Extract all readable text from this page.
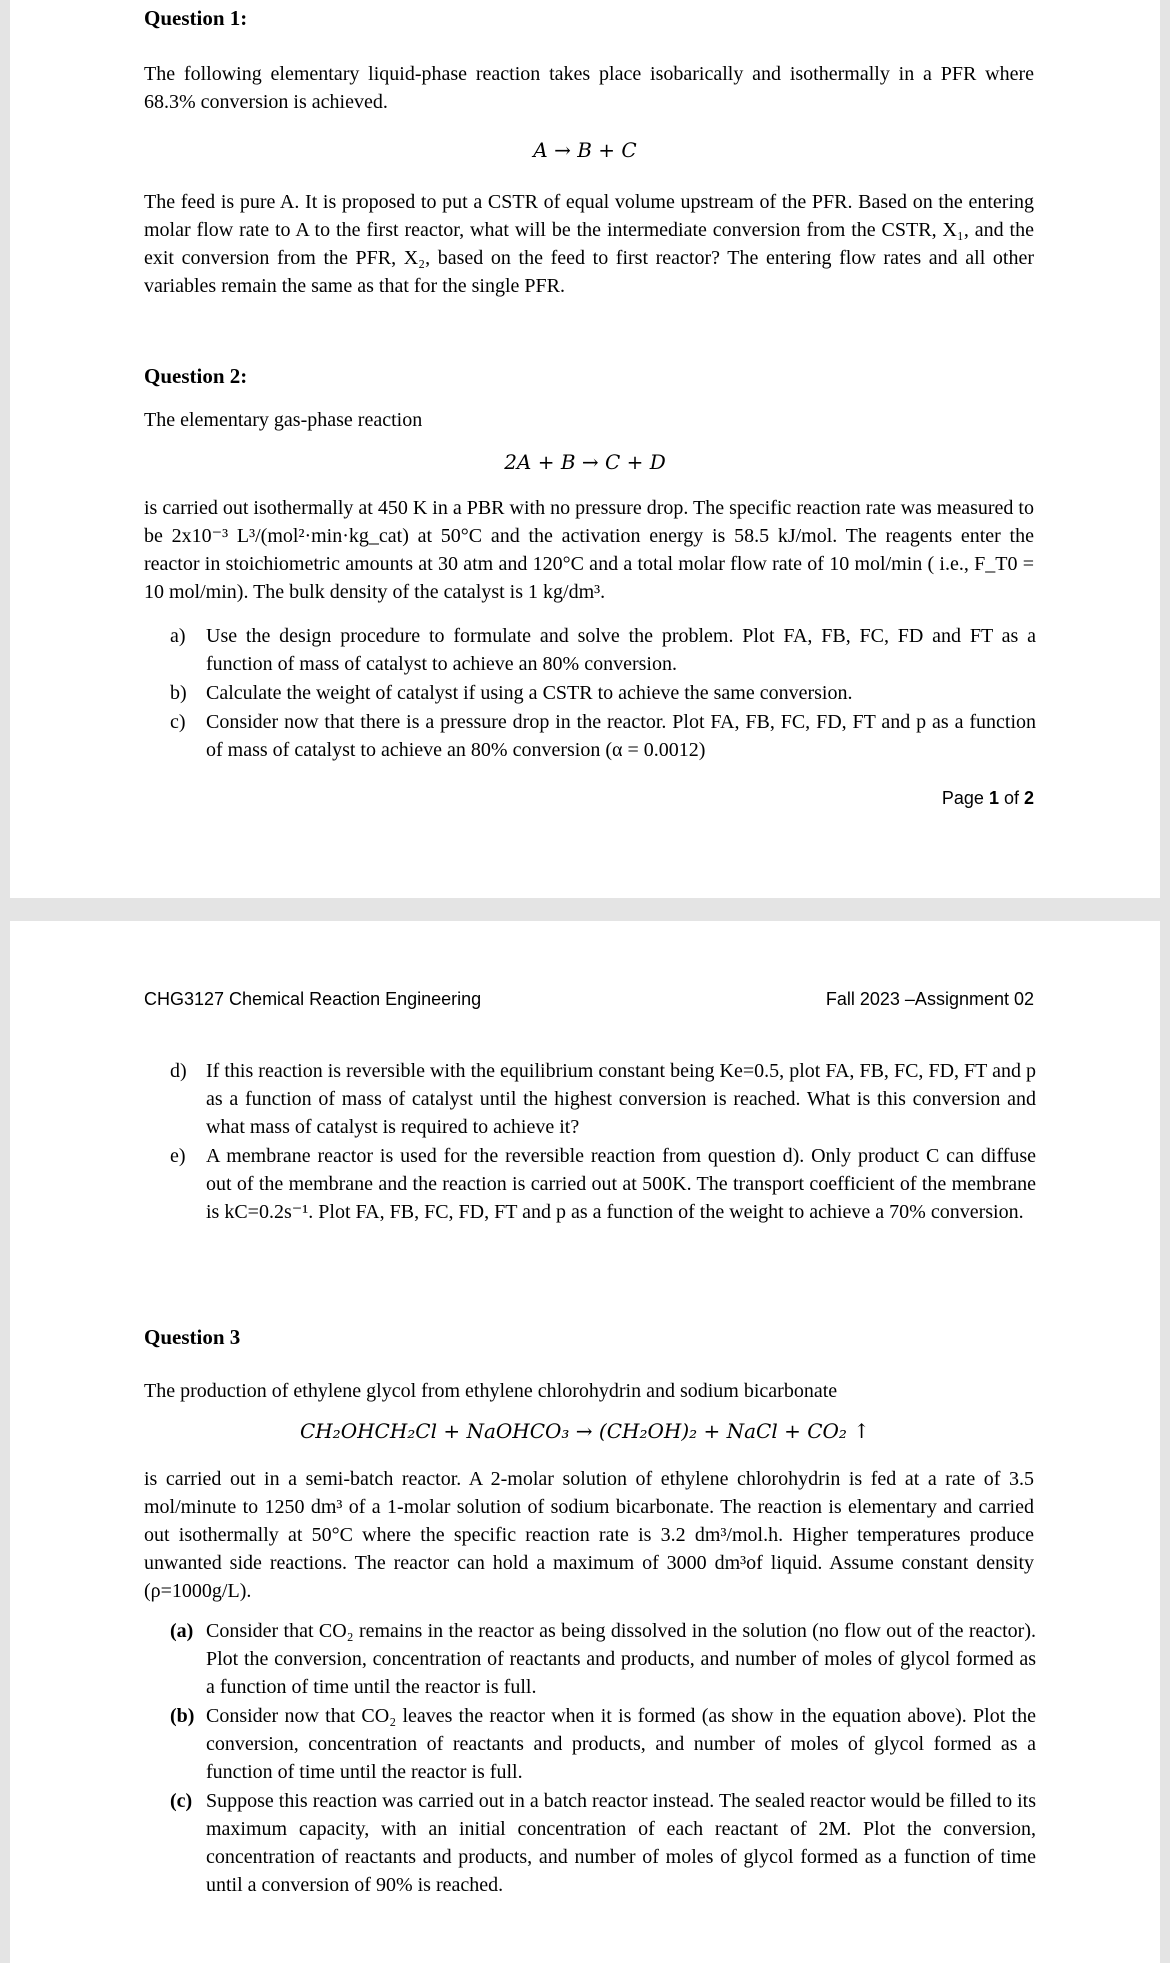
Question 1:
The following elementary liquid-phase reaction takes place isobarically and isothermally in a PFR where 68.3% conversion is achieved.
A → B + C
The feed is pure A. It is proposed to put a CSTR of equal volume upstream of the PFR. Based on the entering molar flow rate to A to the first reactor, what will be the intermediate conversion from the CSTR, X₁, and the exit conversion from the PFR, X₂, based on the feed to first reactor? The entering flow rates and all other variables remain the same as that for the single PFR.
Question 2:
The elementary gas-phase reaction
2A + B → C + D
is carried out isothermally at 450 K in a PBR with no pressure drop. The specific reaction rate was measured to be 2x10⁻³ L³/(mol²·min·kg_cat) at 50°C and the activation energy is 58.5 kJ/mol. The reagents enter the reactor in stoichiometric amounts at 30 atm and 120°C and a total molar flow rate of 10 mol/min ( i.e., F_T0 = 10 mol/min). The bulk density of the catalyst is 1 kg/dm³.
a) Use the design procedure to formulate and solve the problem. Plot FA, FB, FC, FD and FT as a function of mass of catalyst to achieve an 80% conversion.
b) Calculate the weight of catalyst if using a CSTR to achieve the same conversion.
c) Consider now that there is a pressure drop in the reactor. Plot FA, FB, FC, FD, FT and p as a function of mass of catalyst to achieve an 80% conversion (α = 0.0012)
Page 1 of 2
CHG3127 Chemical Reaction Engineering	Fall 2023 –Assignment 02
d) If this reaction is reversible with the equilibrium constant being Ke=0.5, plot FA, FB, FC, FD, FT and p as a function of mass of catalyst until the highest conversion is reached. What is this conversion and what mass of catalyst is required to achieve it?
e) A membrane reactor is used for the reversible reaction from question d). Only product C can diffuse out of the membrane and the reaction is carried out at 500K. The transport coefficient of the membrane is kC=0.2s⁻¹. Plot FA, FB, FC, FD, FT and p as a function of the weight to achieve a 70% conversion.
Question 3
The production of ethylene glycol from ethylene chlorohydrin and sodium bicarbonate
CH₂OHCH₂Cl + NaOHCO₃ → (CH₂OH)₂ + NaCl + CO₂ ↑
is carried out in a semi-batch reactor. A 2-molar solution of ethylene chlorohydrin is fed at a rate of 3.5 mol/minute to 1250 dm³ of a 1-molar solution of sodium bicarbonate. The reaction is elementary and carried out isothermally at 50°C where the specific reaction rate is 3.2 dm³/mol.h. Higher temperatures produce unwanted side reactions. The reactor can hold a maximum of 3000 dm³of liquid. Assume constant density (ρ=1000g/L).
(a) Consider that CO₂ remains in the reactor as being dissolved in the solution (no flow out of the reactor). Plot the conversion, concentration of reactants and products, and number of moles of glycol formed as a function of time until the reactor is full.
(b) Consider now that CO₂ leaves the reactor when it is formed (as show in the equation above). Plot the conversion, concentration of reactants and products, and number of moles of glycol formed as a function of time until the reactor is full.
(c) Suppose this reaction was carried out in a batch reactor instead. The sealed reactor would be filled to its maximum capacity, with an initial concentration of each reactant of 2M. Plot the conversion, concentration of reactants and products, and number of moles of glycol formed as a function of time until a conversion of 90% is reached.
